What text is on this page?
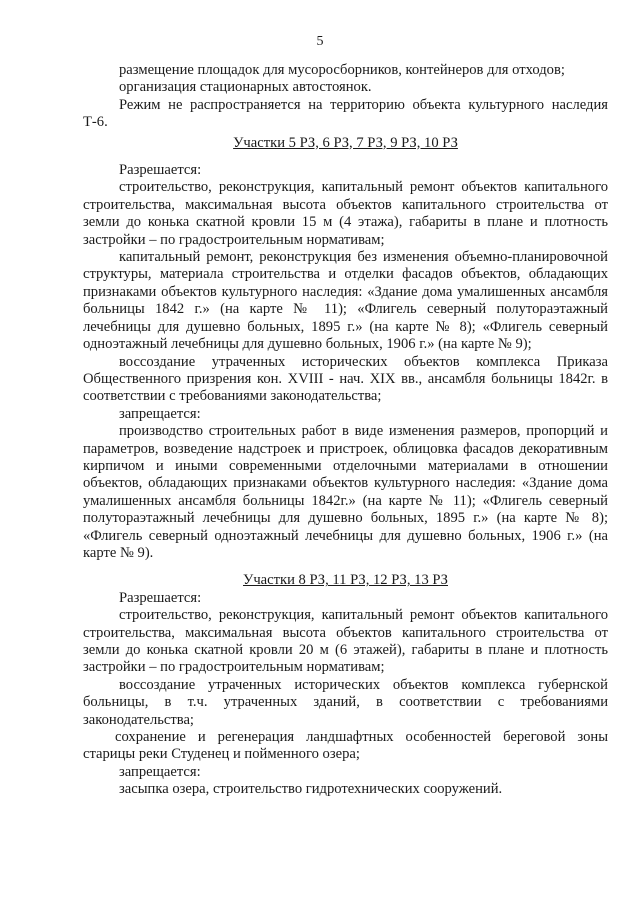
5

размещение площадок для мусоросборников, контейнеров для отходов;

организация стационарных автостоянок.

Режим не распространяется на территорию объекта культурного наследия Т-6.

Участки 5 РЗ, 6 РЗ, 7 РЗ, 9 РЗ, 10 РЗ

Разрешается:

строительство, реконструкция, капитальный ремонт объектов капитального строительства, максимальная высота объектов капитального строительства от земли до конька скатной кровли 15 м (4 этажа), габариты в плане и плотность застройки – по градостроительным нормативам;

капитальный ремонт, реконструкция без изменения объемно-планировочной структуры, материала строительства и отделки фасадов объектов, обладающих признаками объектов культурного наследия: «Здание дома умалишенных ансамбля больницы 1842 г.» (на карте № 11); «Флигель северный полуторaэтажный лечебницы для душевно больных, 1895 г.» (на карте № 8); «Флигель северный одноэтажный лечебницы для душевно больных, 1906 г.» (на карте № 9);

воссоздание утраченных исторических объектов комплекса Приказа Общественного призрения кон. XVIII - нач. XIX вв., ансамбля больницы 1842г. в соответствии с требованиями законодательства;

запрещается:

производство строительных работ в виде изменения размеров, пропорций и параметров, возведение надстроек и пристроек, облицовка фасадов декоративным кирпичом и иными современными отделочными материалами в отношении объектов, обладающих признаками объектов культурного наследия: «Здание дома умалишенных ансамбля больницы 1842г.» (на карте № 11); «Флигель северный полуторaэтажный лечебницы для душевно больных, 1895 г.» (на карте № 8); «Флигель северный одноэтажный лечебницы для душевно больных, 1906 г.» (на карте № 9).

Участки 8 РЗ, 11 РЗ, 12 РЗ, 13 РЗ

Разрешается:

строительство, реконструкция, капитальный ремонт объектов капитального строительства, максимальная высота объектов капитального строительства от земли до конька скатной кровли 20 м (6 этажей), габариты в плане и плотность застройки – по градостроительным нормативам;

воссоздание утраченных исторических объектов комплекса губернской больницы, в т.ч. утраченных зданий, в соответствии с требованиями законодательства;

сохранение и регенерация ландшафтных особенностей береговой зоны старицы реки Студенец и пойменного озера;

запрещается:

засыпка озера, строительство гидротехнических сооружений.
